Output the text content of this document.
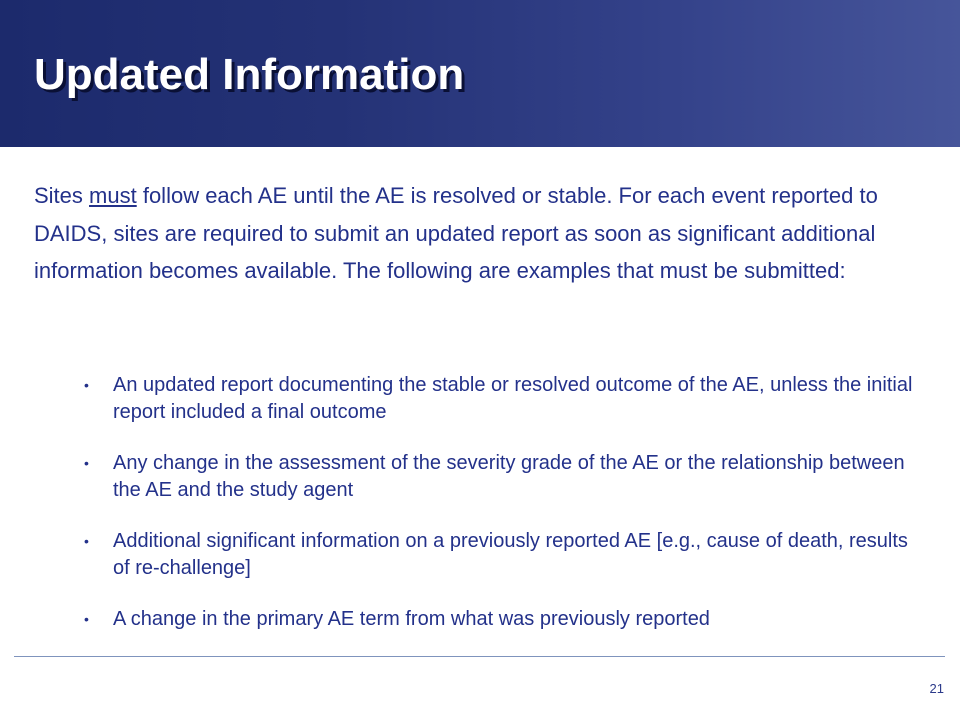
Updated Information

Sites must follow each AE until the AE is resolved or stable. For each event reported to DAIDS, sites are required to submit an updated report as soon as significant additional information becomes available. The following are examples that must be submitted:

• An updated report documenting the stable or resolved outcome of the AE, unless the initial report included a final outcome
• Any change in the assessment of the severity grade of the AE or the relationship between the AE and the study agent
• Additional significant information on a previously reported AE [e.g., cause of death, results of re-challenge]
• A change in the primary AE term from what was previously reported
21
